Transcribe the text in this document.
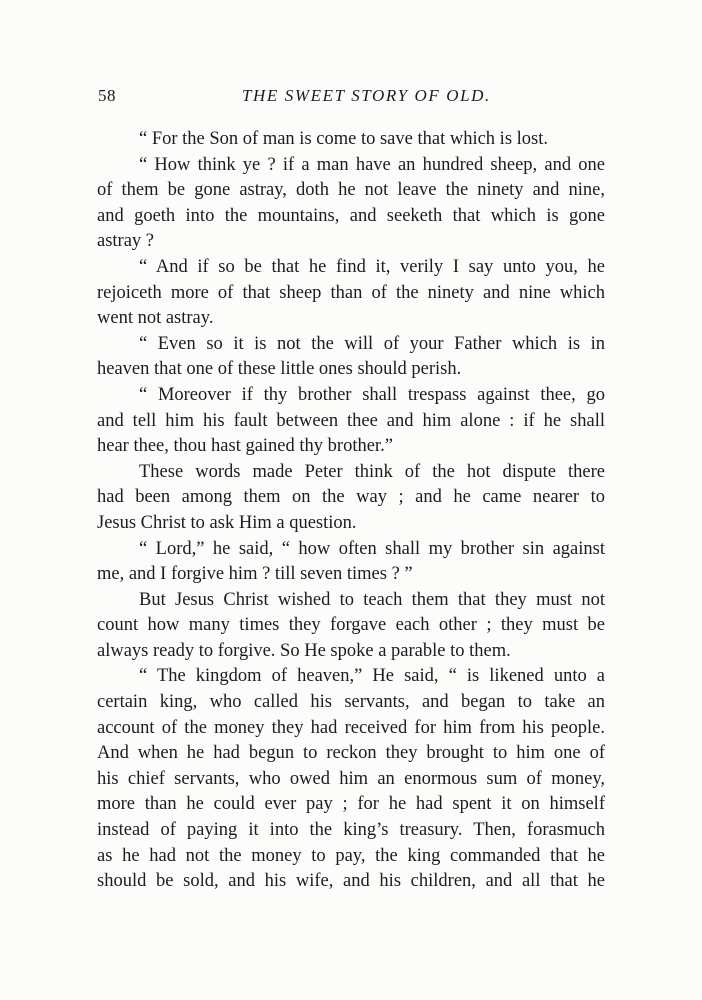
58	THE SWEET STORY OF OLD.
“ For the Son of man is come to save that which is lost.
“ How think ye ? if a man have an hundred sheep, and one
of them be gone astray, doth he not leave the ninety and nine,
and goeth into the mountains, and seeketh that which is gone
astray ?
“ And if so be that he find it, verily I say unto you, he
rejoiceth more of that sheep than of the ninety and nine which
went not astray.
“ Even so it is not the will of your Father which is in
heaven that one of these little ones should perish.
“ Moreover if thy brother shall trespass against thee, go
and tell him his fault between thee and him alone : if he shall
hear thee, thou hast gained thy brother.”
These words made Peter think of the hot dispute there
had been among them on the way ; and he came nearer to
Jesus Christ to ask Him a question.
“ Lord,” he said, “ how often shall my brother sin against
me, and I forgive him ? till seven times ? ”
But Jesus Christ wished to teach them that they must not
count how many times they forgave each other ; they must be
always ready to forgive. So He spoke a parable to them.
“ The kingdom of heaven,” He said, “ is likened unto a
certain king, who called his servants, and began to take an
account of the money they had received for him from his people.
And when he had begun to reckon they brought to him one of
his chief servants, who owed him an enormous sum of money,
more than he could ever pay ; for he had spent it on himself
instead of paying it into the king’s treasury. Then, forasmuch
as he had not the money to pay, the king commanded that he
should be sold, and his wife, and his children, and all that he
